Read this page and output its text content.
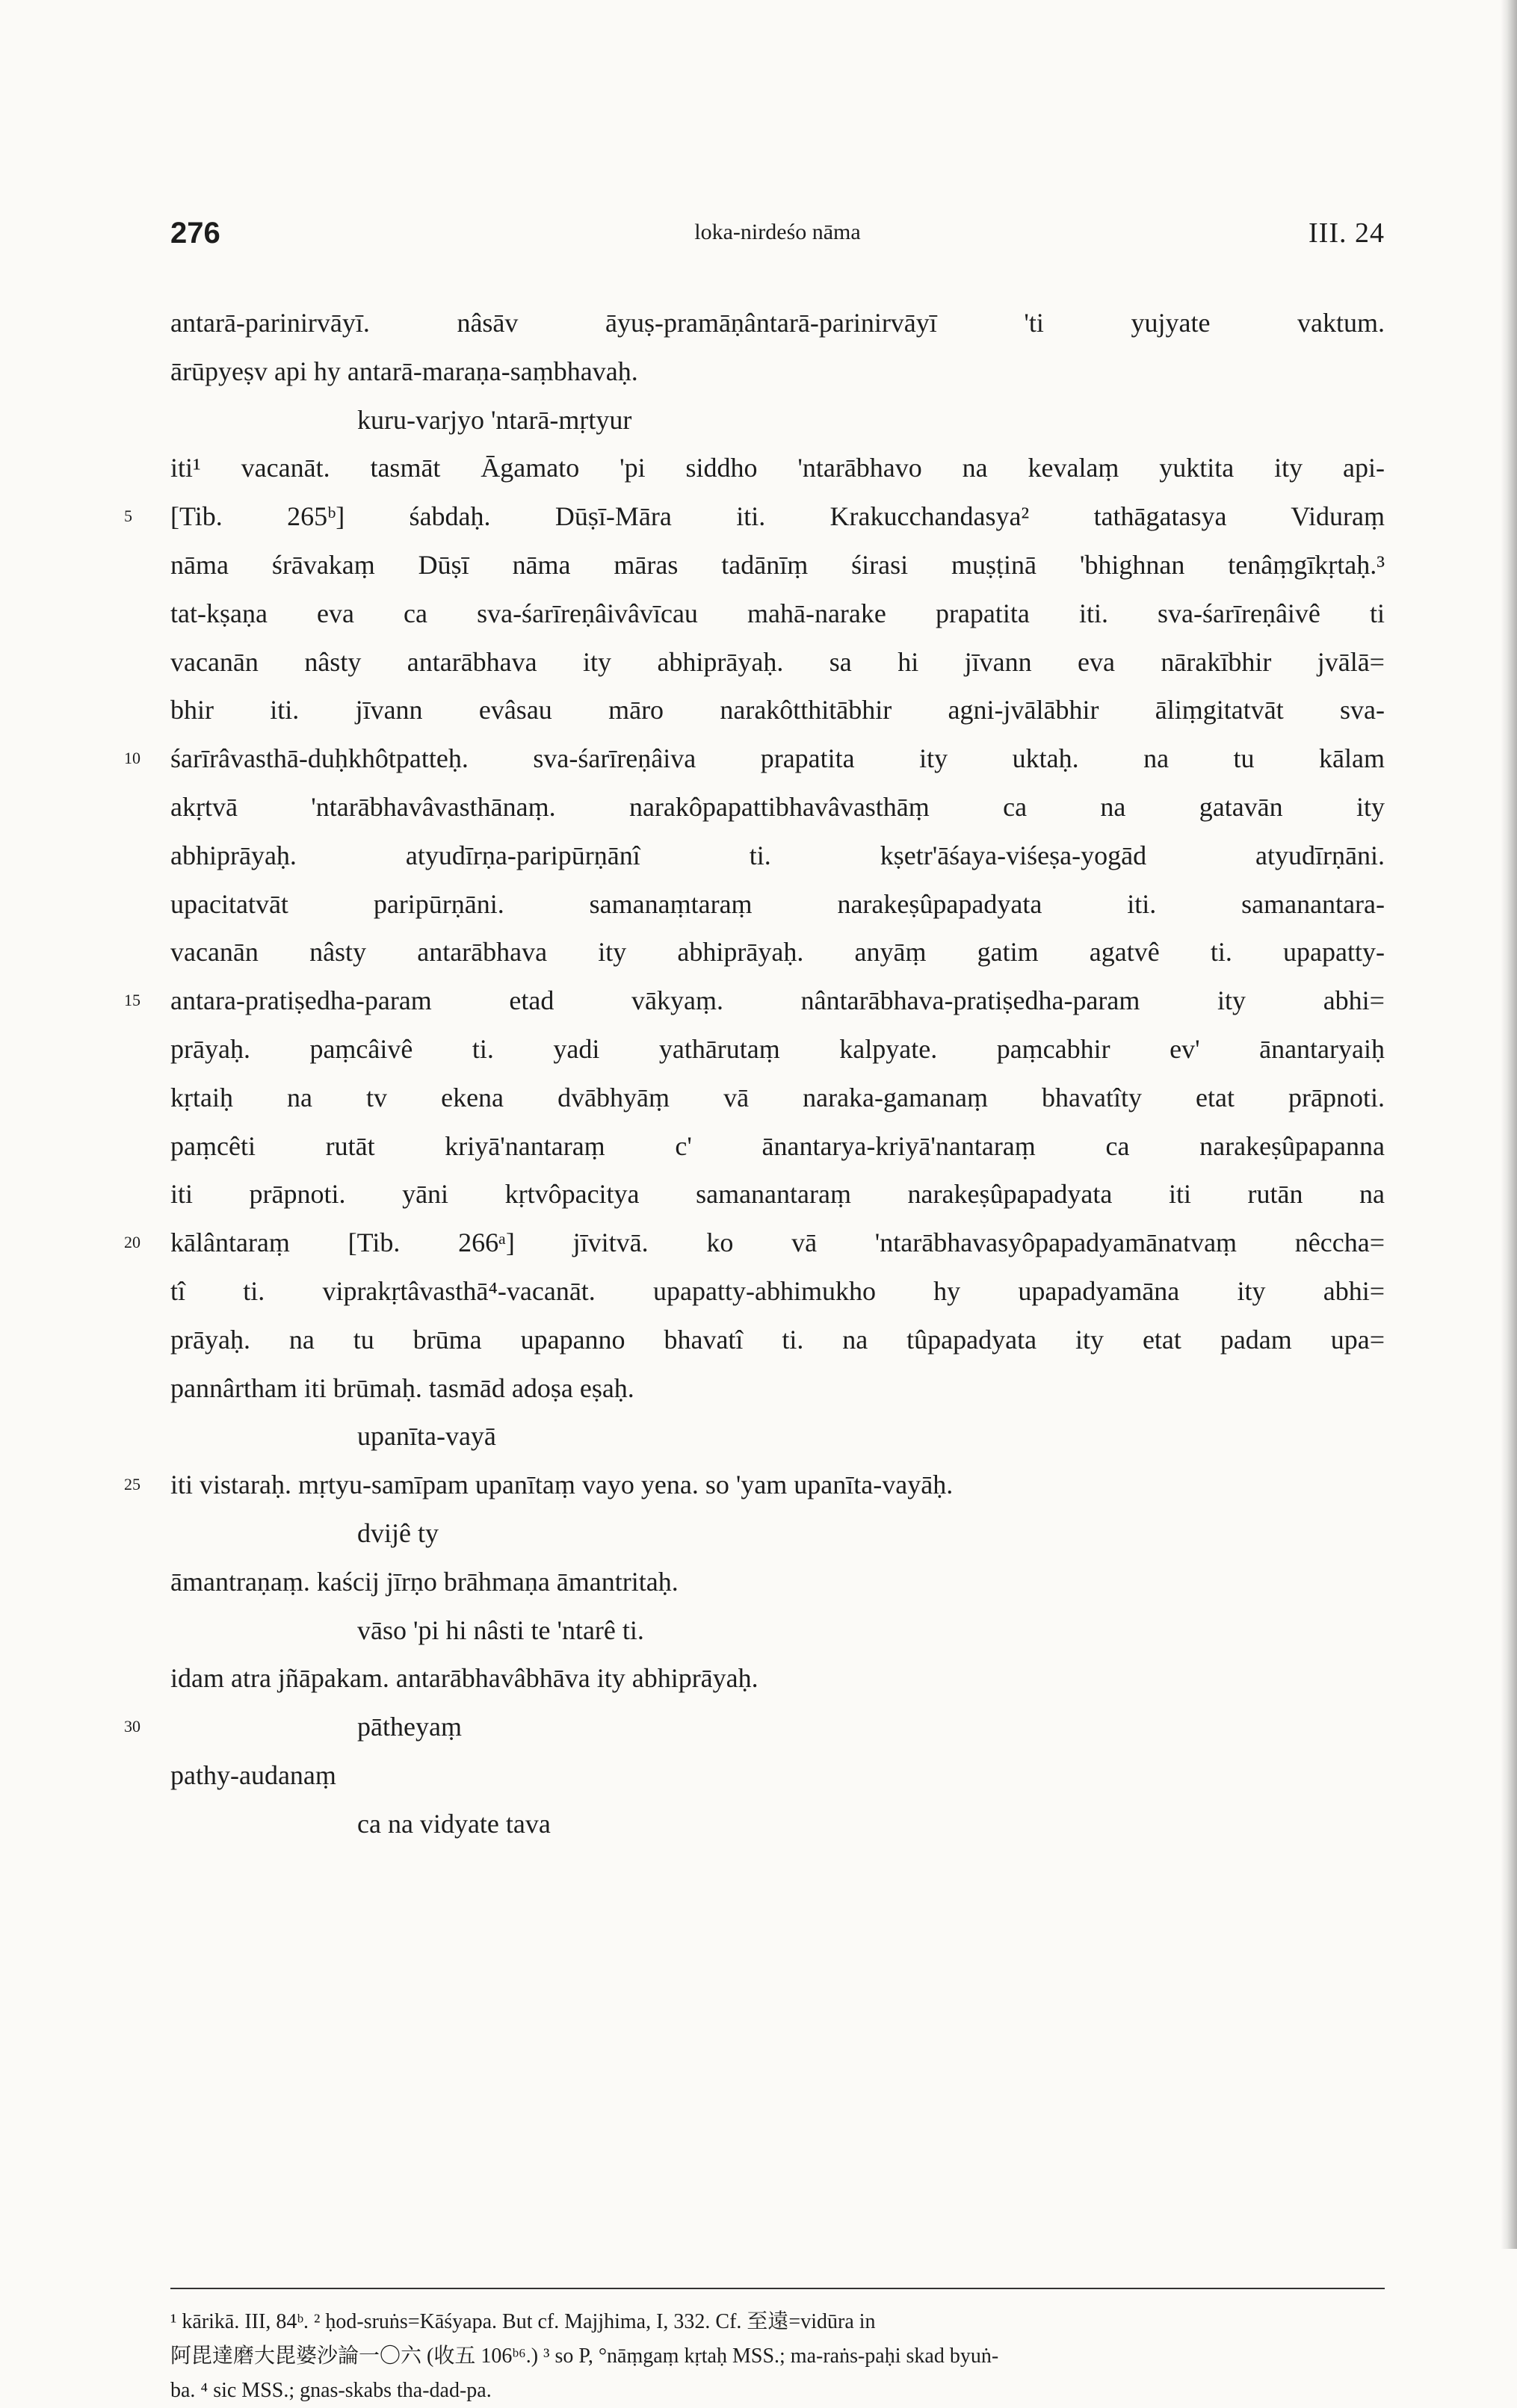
276	loka-nirdeśo nāma	III. 24
antarā-parinirvāyī. nâsāv āyuṣ-pramāṇântarā-parinirvāyī 'ti yujyate vaktum.
ārūpyeṣv api hy antarā-maraṇa-saṃbhavaḥ.
kuru-varjyo 'ntarā-mṛtyur
iti¹ vacanāt. tasmāt Āgamato 'pi siddho 'ntarābhavo na kevalaṃ yuktita ity api-
5	[Tib. 265ᵇ] śabdaḥ. Dūṣī-Māra iti. Krakucchandasya² tathāgatasya Viduraṃ
nāma śrāvakaṃ Dūṣī nāma māras tadānīṃ śirasi muṣṭinā 'bhighnan tenâṃgīkṛtaḥ.³
tat-kṣaṇa eva ca sva-śarīreṇâivâvīcau mahā-narake prapatita iti. sva-śarīreṇâivê ti
vacanān nâsty antarābhava ity abhiprāyaḥ. sa hi jīvann eva nārakībhir jvālā=
bhir iti. jīvann evâsau māro narakôtthitābhir agni-jvālābhir āliṃgitatvāt sva-
10	śarīrâvasthā-duḥkhôtpatteḥ. sva-śarīreṇâiva prapatita ity uktaḥ. na tu kālam
akṛtvā 'ntarābhavâvasthānaṃ. narakôpapattibhavâvasthāṃ ca na gatavān ity
abhiprāyaḥ. atyudīrṇa-paripūrṇānî ti. kṣetr'āśaya-viśeṣa-yogād atyudīrṇāni.
upacitatvāt paripūrṇāni. samanaṃtaraṃ narakeṣûpapadyata iti. samanantara-
vacanān nâsty antarābhava ity abhiprāyaḥ. anyāṃ gatim agatvê ti. upapatty-
15	antara-pratiṣedha-param etad vākyaṃ. nântarābhava-pratiṣedha-param ity abhi=
prāyaḥ. paṃcâivê ti. yadi yathārutaṃ kalpyate. paṃcabhir ev' ānantaryaiḥ
kṛtaiḥ na tv ekena dvābhyāṃ vā naraka-gamanaṃ bhavatîty etat prāpnoti.
paṃcêti rutāt kriyā'nantaraṃ c' ānantarya-kriyā'nantaraṃ ca narakeṣûpapanna
iti prāpnoti. yāni kṛtvôpacitya samanantaraṃ narakeṣûpapadyata iti rutān na
20	kālântaraṃ [Tib. 266ᵃ] jīvitvā. ko vā 'ntarābhavasyôpapadyamānatvaṃ nêccha=
tî ti. viprakṛtâvasthā⁴-vacanāt. upapatty-abhimukho hy upapadyamāna ity abhi=
prāyaḥ. na tu brūma upapanno bhavatî ti. na tûpapadyata ity etat padam upa=
pannârtham iti brūmaḥ. tasmād adoṣa eṣaḥ.
upanīta-vayā
25	iti vistaraḥ. mṛtyu-samīpam upanītaṃ vayo yena. so 'yam upanīta-vayāḥ.
dvijê ty
āmantraṇaṃ. kaścij jīrṇo brāhmaṇa āmantritaḥ.
vāso 'pi hi nâsti te 'ntarê ti.
idam atra jñāpakam. antarābhavâbhāva ity abhiprāyaḥ.
30	pātheyaṃ
pathy-audanaṃ
ca na vidyate tava
¹ kārikā. III, 84ᵇ. ² ḥod-sruṅs=Kāśyapa. But cf. Majjhima, I, 332. Cf. 至遠=vidūra in
阿毘達磨大毘婆沙論一〇六 (收五 106ᵇ⁶.) ³ so P, °nāṃgaṃ kṛtaḥ MSS.; ma-raṅs-paḥi skad byuṅ-
ba. ⁴ sic MSS.; gnas-skabs tha-dad-pa.
